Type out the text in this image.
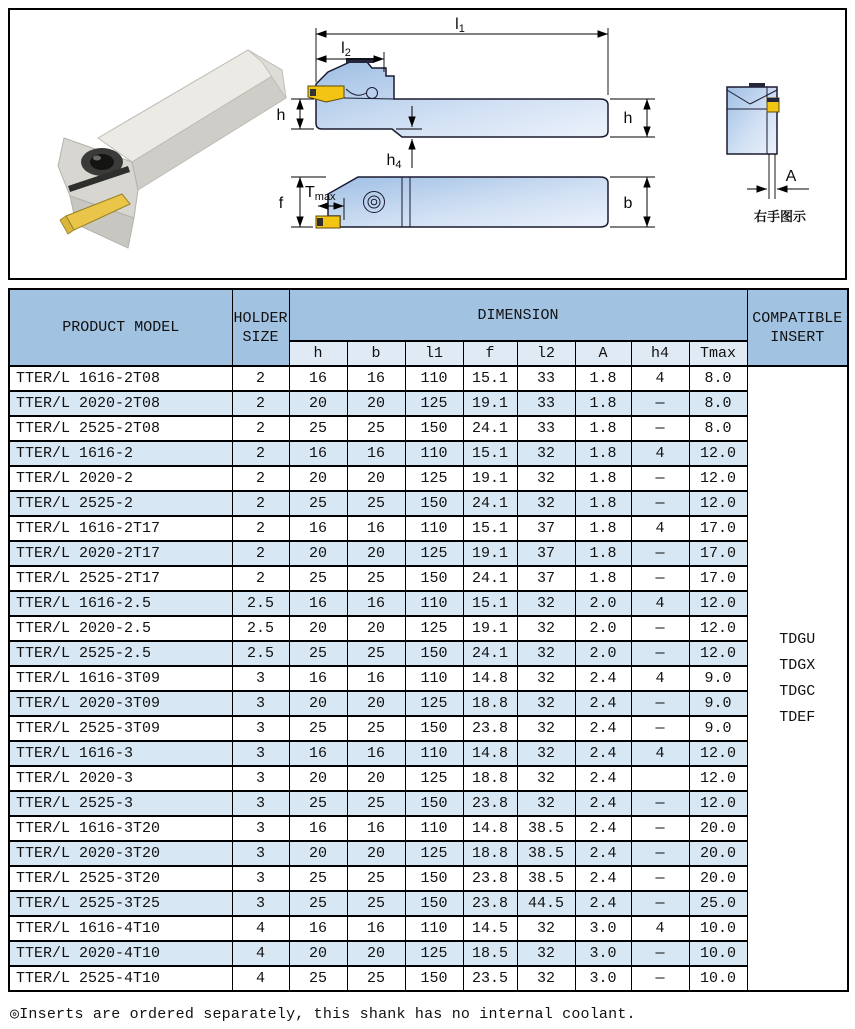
A
右手图示
l1
l2
h	h
h4
f
Tmax	b
PRODUCT MODEL	HOLDER SIZE	DIMENSION								COMPATIBLE INSERT
		h	b	l1	f	l2	A	h4	Tmax	
TTER/L 1616-2T08	2	16	16	110	15.1	33	1.8	4	8.0	TDGU
TDGX
TDGC
TDEF

TTER/L 2020-2T08	2	20	20	125	19.1	33	1.8	—	8.0	
TTER/L 2525-2T08	2	25	25	150	24.1	33	1.8	—	8.0	
TTER/L 1616-2	2	16	16	110	15.1	32	1.8	4	12.0	
TTER/L 2020-2	2	20	20	125	19.1	32	1.8	—	12.0	
TTER/L 2525-2	2	25	25	150	24.1	32	1.8	—	12.0	
TTER/L 1616-2T17	2	16	16	110	15.1	37	1.8	4	17.0	
TTER/L 2020-2T17	2	20	20	125	19.1	37	1.8	—	17.0	
TTER/L 2525-2T17	2	25	25	150	24.1	37	1.8	—	17.0	
TTER/L 1616-2.5	2.5	16	16	110	15.1	32	2.0	4	12.0	
TTER/L 2020-2.5	2.5	20	20	125	19.1	32	2.0	—	12.0	
TTER/L 2525-2.5	2.5	25	25	150	24.1	32	2.0	—	12.0	
TTER/L 1616-3T09	3	16	16	110	14.8	32	2.4	4	9.0	
TTER/L 2020-3T09	3	20	20	125	18.8	32	2.4	—	9.0	
TTER/L 2525-3T09	3	25	25	150	23.8	32	2.4	—	9.0	
TTER/L 1616-3	3	16	16	110	14.8	32	2.4	4	12.0	
TTER/L 2020-3	3	20	20	125	18.8	32	2.4		12.0	
TTER/L 2525-3	3	25	25	150	23.8	32	2.4	—	12.0	
TTER/L 1616-3T20	3	16	16	110	14.8	38.5	2.4	—	20.0	
TTER/L 2020-3T20	3	20	20	125	18.8	38.5	2.4	—	20.0	
TTER/L 2525-3T20	3	25	25	150	23.8	38.5	2.4	—	20.0	
TTER/L 2525-3T25	3	25	25	150	23.8	44.5	2.4	—	25.0	
TTER/L 1616-4T10	4	16	16	110	14.5	32	3.0	4	10.0	
TTER/L 2020-4T10	4	20	20	125	18.5	32	3.0	—	10.0	
TTER/L 2525-4T10	4	25	25	150	23.5	32	3.0	—	10.0	
◎Inserts are ordered separately, this shank has no internal coolant.
